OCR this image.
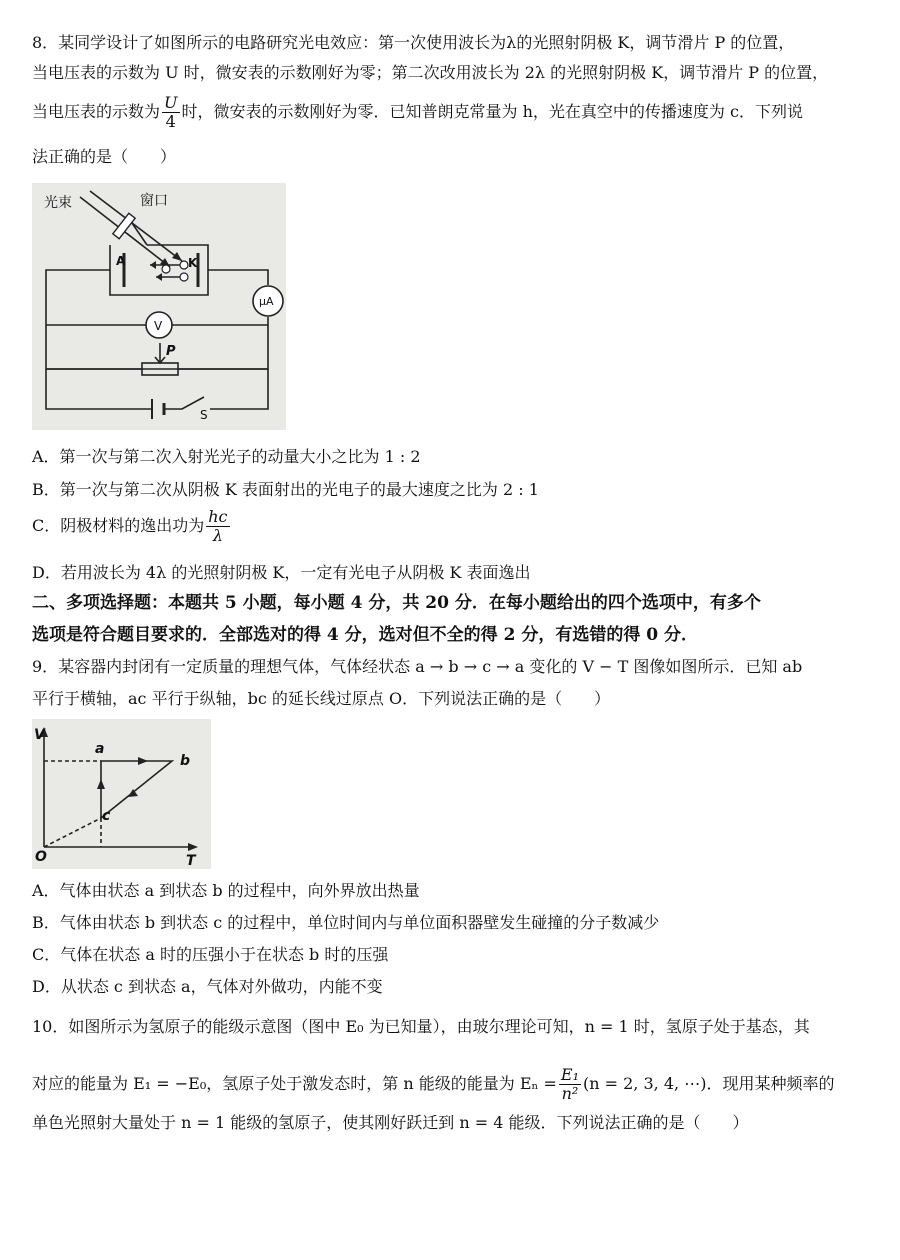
8．某同学设计了如图所示的电路研究光电效应：第一次使用波长为λ的光照射阴极 K，调节滑片 P 的位置，
当电压表的示数为 U 时，微安表的示数刚好为零；第二次改用波长为 2λ 的光照射阴极 K，调节滑片 P 的位置，
当电压表的示数为 $\frac{U}{4}$ 时，微安表的示数刚好为零．已知普朗克常量为 h，光在真空中的传播速度为 c．下列说
法正确的是（　　）
光束	窗口
A	K
μA
V
P
S
A．第一次与第二次入射光光子的动量大小之比为 1 : 2
B．第一次与第二次从阴极 K 表面射出的光电子的最大速度之比为 2 : 1
C．阴极材料的逸出功为 $\frac{hc}{\lambda}$
D．若用波长为 4λ 的光照射阴极 K，一定有光电子从阴极 K 表面逸出
二、多项选择题：本题共 5 小题，每小题 4 分，共 20 分．在每小题给出的四个选项中，有多个
选项是符合题目要求的．全部选对的得 4 分，选对但不全的得 2 分，有选错的得 0 分．
9．某容器内封闭有一定质量的理想气体，气体经状态 a → b → c → a 变化的 V − T 图像如图所示．已知 ab
平行于横轴，ac 平行于纵轴，bc 的延长线过原点 O．下列说法正确的是（　　）
V
T
O
a
b
c
A．气体由状态 a 到状态 b 的过程中，向外界放出热量
B．气体由状态 b 到状态 c 的过程中，单位时间内与单位面积器壁发生碰撞的分子数减少
C．气体在状态 a 时的压强小于在状态 b 时的压强
D．从状态 c 到状态 a，气体对外做功，内能不变
10．如图所示为氢原子的能级示意图（图中 E₀ 为已知量），由玻尔理论可知，n = 1 时，氢原子处于基态，其
对应的能量为 E₁ = −E₀，氢原子处于激发态时，第 n 能级的能量为 $E_n = \frac{\text{E₁}}{\text{n²}} (n = 2$, 3, 4, ⋯)．现用某种频率的
单色光照射大量处于 n = 1 能级的氢原子，使其刚好跃迁到 n = 4 能级．下列说法正确的是（　　）
